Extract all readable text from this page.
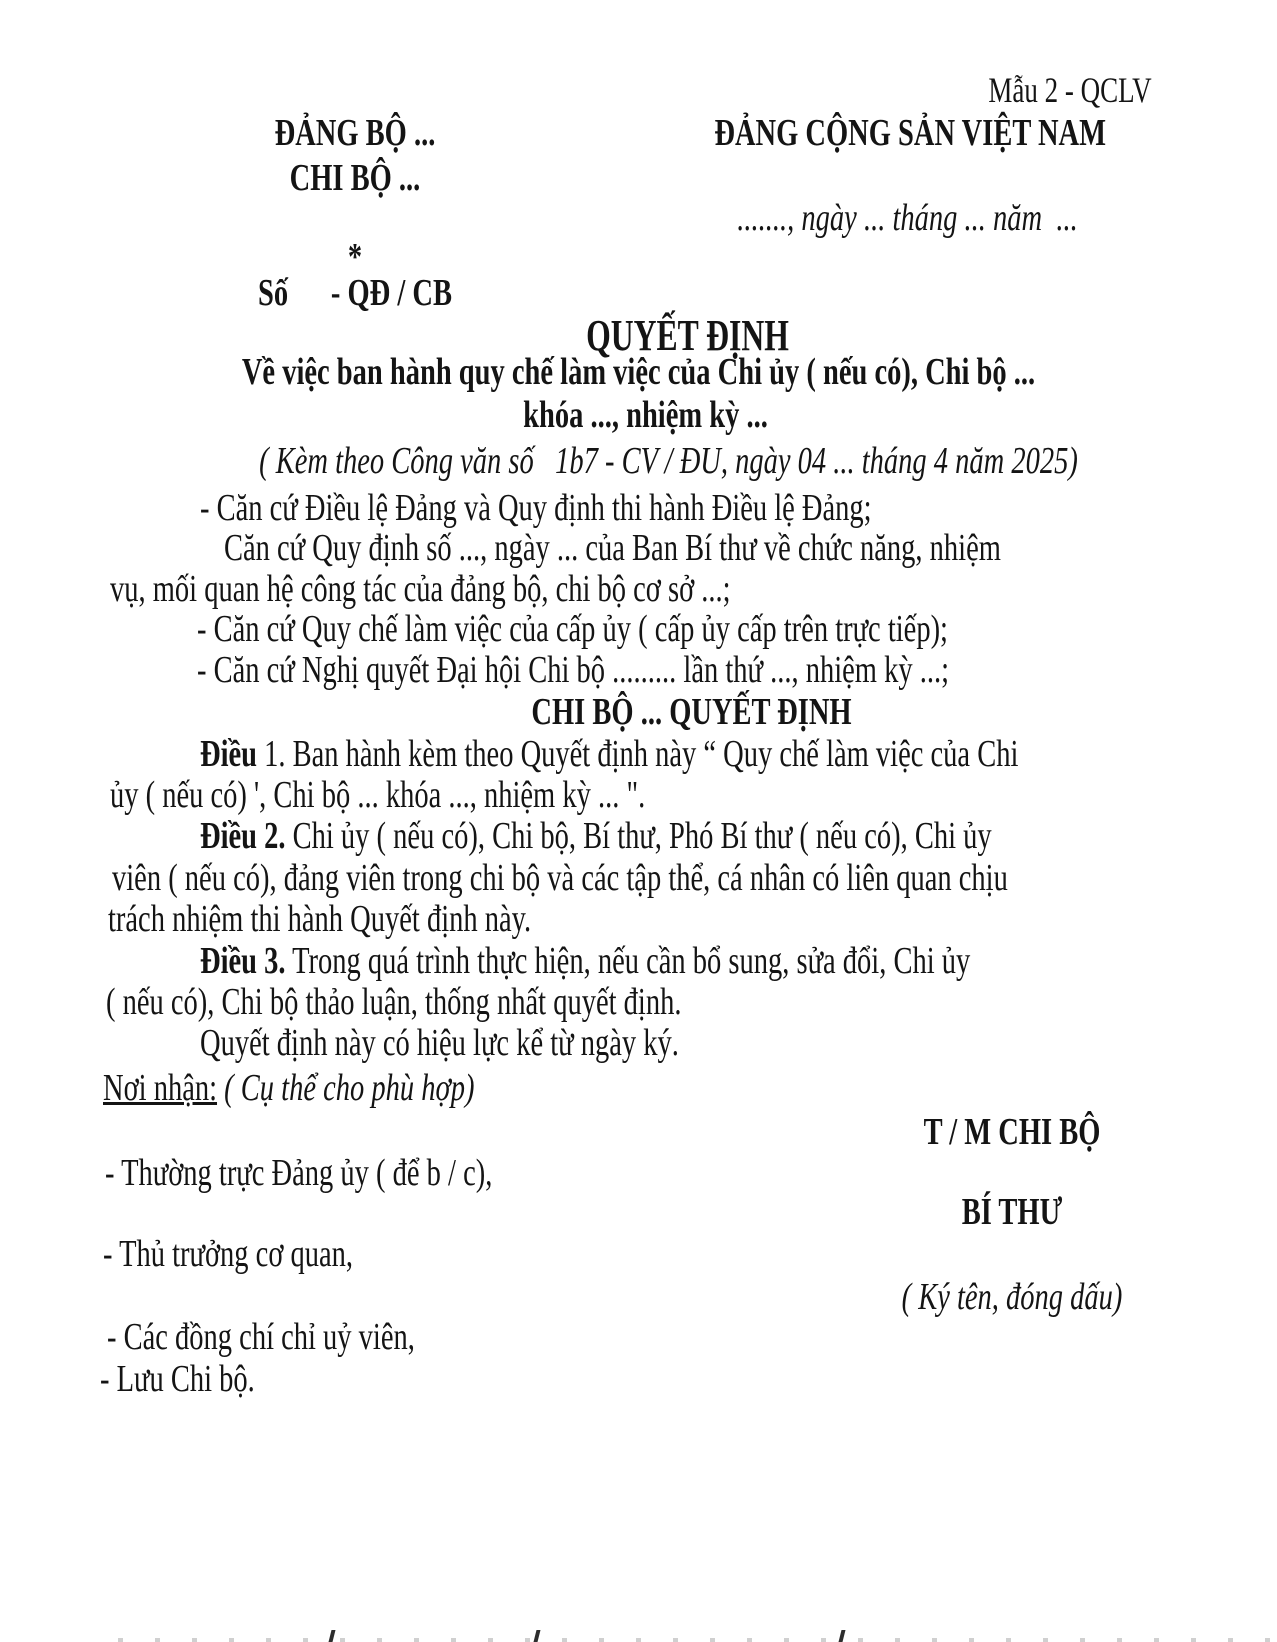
Mẫu 2 - QCLV
ĐẢNG BỘ ...
CHI BỘ ...
*
Số      - QĐ / CB
ĐẢNG CỘNG SẢN VIỆT NAM
......., ngày ... tháng ... năm  ...
QUYẾT ĐỊNH
Về việc ban hành quy chế làm việc của Chi ủy ( nếu có), Chi bộ ...
khóa ..., nhiệm kỳ ...
( Kèm theo Công văn số   1b7 - CV / ĐU, ngày 04 ... tháng 4 năm 2025)
- Căn cứ Điều lệ Đảng và Quy định thi hành Điều lệ Đảng;
Căn cứ Quy định số ..., ngày ... của Ban Bí thư về chức năng, nhiệm
vụ, mối quan hệ công tác của đảng bộ, chi bộ cơ sở ...;
- Căn cứ Quy chế làm việc của cấp ủy ( cấp ủy cấp trên trực tiếp);
- Căn cứ Nghị quyết Đại hội Chi bộ ......... lần thứ ..., nhiệm kỳ ...;
CHI BỘ ... QUYẾT ĐỊNH
Điều 1. Ban hành kèm theo Quyết định này “ Quy chế làm việc của Chi
ủy ( nếu có) ', Chi bộ ... khóa ..., nhiệm kỳ ... ".
Điều 2. Chi ủy ( nếu có), Chi bộ, Bí thư, Phó Bí thư ( nếu có), Chi ủy
viên ( nếu có), đảng viên trong chi bộ và các tập thể, cá nhân có liên quan chịu
trách nhiệm thi hành Quyết định này.
Điều 3. Trong quá trình thực hiện, nếu cần bổ sung, sửa đổi, Chi ủy
( nếu có), Chi bộ thảo luận, thống nhất quyết định.
Quyết định này có hiệu lực kể từ ngày ký.
Nơi nhận: ( Cụ thể cho phù hợp)
T / M CHI BỘ
- Thường trực Đảng ủy ( để b / c),
BÍ THƯ
- Thủ trưởng cơ quan,
( Ký tên, đóng dấu)
- Các đồng chí chỉ uỷ viên,
- Lưu Chi bộ.
